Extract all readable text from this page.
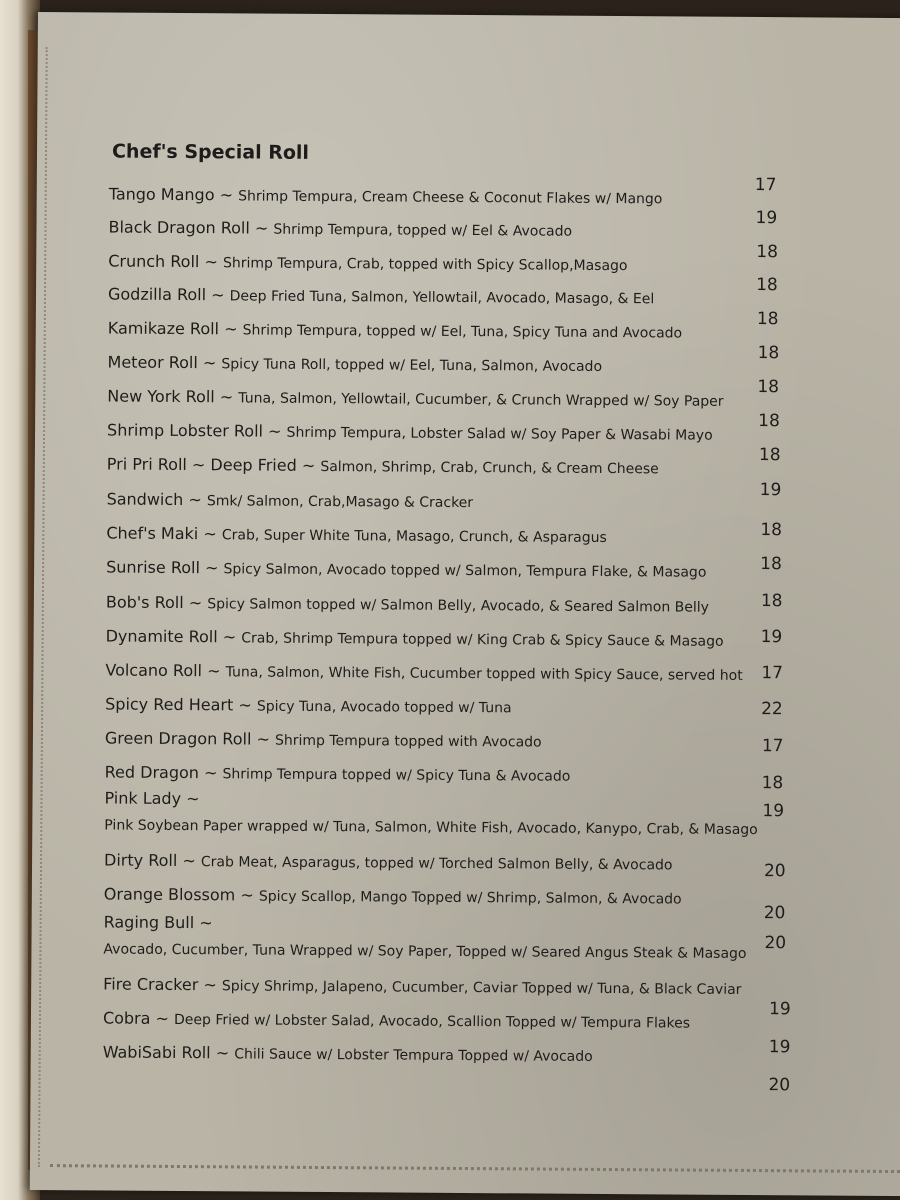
Chef's Special Roll
Tango Mango ~ Shrimp Tempura, Cream Cheese & Coconut Flakes w/ Mango
17
Black Dragon Roll ~ Shrimp Tempura, topped w/ Eel & Avocado
19
Crunch Roll ~ Shrimp Tempura, Crab, topped with Spicy Scallop,Masago
18
Godzilla Roll ~ Deep Fried Tuna, Salmon, Yellowtail, Avocado, Masago, & Eel
18
Kamikaze Roll ~ Shrimp Tempura, topped w/ Eel, Tuna, Spicy Tuna and Avocado
18
Meteor Roll ~ Spicy Tuna Roll, topped w/ Eel, Tuna, Salmon, Avocado
18
New York Roll ~ Tuna, Salmon, Yellowtail, Cucumber, & Crunch Wrapped w/ Soy Paper
18
Shrimp Lobster Roll ~ Shrimp Tempura, Lobster Salad w/ Soy Paper & Wasabi Mayo
18
Pri Pri Roll ~ Deep Fried ~ Salmon, Shrimp, Crab, Crunch, & Cream Cheese
18
Sandwich ~ Smk/ Salmon, Crab,Masago & Cracker
19
Chef's Maki ~ Crab, Super White Tuna, Masago, Crunch, & Asparagus	18
Sunrise Roll ~ Spicy Salmon, Avocado topped w/ Salmon, Tempura Flake, & Masago	18
Bob's Roll ~ Spicy Salmon topped w/ Salmon Belly, Avocado, & Seared Salmon Belly	18
Dynamite Roll ~ Crab, Shrimp Tempura topped w/ King Crab & Spicy Sauce & Masago 19
Volcano Roll ~ Tuna, Salmon, White Fish, Cucumber topped with Spicy Sauce, served hot 17
Spicy Red Heart ~ Spicy Tuna, Avocado topped w/ Tuna	22
Green Dragon Roll ~ Shrimp Tempura topped with Avocado	17
Red Dragon ~ Shrimp Tempura topped w/ Spicy Tuna & Avocado	18
Pink Lady ~
Pink Soybean Paper wrapped w/ Tuna, Salmon, White Fish, Avocado, Kanypo, Crab, & Masago
19
Dirty Roll ~ Crab Meat, Asparagus, topped w/ Torched Salmon Belly, & Avocado	20
Orange Blossom ~ Spicy Scallop, Mango Topped w/ Shrimp, Salmon, & Avocado
20
Raging Bull ~
Avocado, Cucumber, Tuna Wrapped w/ Soy Paper, Topped w/ Seared Angus Steak & Masago 20
Fire Cracker ~ Spicy Shrimp, Jalapeno, Cucumber, Caviar Topped w/ Tuna, & Black Caviar
19
Cobra ~ Deep Fried w/ Lobster Salad, Avocado, Scallion Topped w/ Tempura Flakes
19
WabiSabi Roll ~ Chili Sauce w/ Lobster Tempura Topped w/ Avocado
20
